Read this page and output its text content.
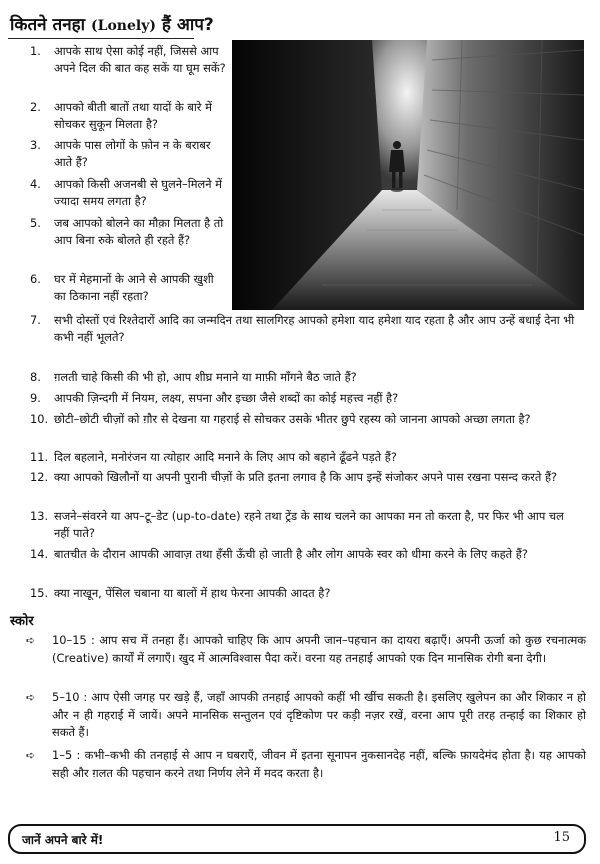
कितने तनहा (Lonely) हैं आप?
1. आपके साथ ऐसा कोई नहीं, जिससे आप अपने दिल की बात कह सकें या घूम सकें?
2. आपको बीती बातों तथा यादों के बारे में सोचकर सुकून मिलता है?
3. आपके पास लोगों के फ़ोन न के बराबर आते हैं?
4. आपको किसी अजनबी से घुलने–मिलने में ज्यादा समय लगता है?
5. जब आपको बोलने का मौक़ा मिलता है तो आप बिना रुके बोलते ही रहते हैं?
6. घर में मेहमानों के आने से आपकी खुशी का ठिकाना नहीं रहता?
7. सभी दोस्तों एवं रिश्तेदारों आदि का जन्मदिन तथा सालगिरह आपको हमेशा याद हमेशा याद रहता है और आप उन्हें बधाई देना भी कभी नहीं भूलते?
8. ग़लती चाहे किसी की भी हो, आप शीघ्र मनाने या माफ़ी माँगने बैठ जाते हैं?
9. आपकी ज़िन्दगी में नियम, लक्ष्य, सपना और इच्छा जैसे शब्दों का कोई महत्त्व नहीं है?
10. छोटी–छोटी चीज़ों को ग़ौर से देखना या गहराई से सोचकर उसके भीतर छुपे रहस्य को जानना आपको अच्छा लगता है?
11. दिल बहलाने, मनोरंजन या त्योहार आदि मनाने के लिए आप को बहाने ढूँढने पड़ते हैं?
12. क्या आपको खिलौनों या अपनी पुरानी चीज़ों के प्रति इतना लगाव है कि आप इन्हें संजोकर अपने पास रखना पसन्द करते हैं?
13. सजने–संवरने या अप–टू–डेट (up-to-date) रहने तथा ट्रेंड के साथ चलने का आपका मन तो करता है, पर फिर भी आप चल नहीं पाते?
14. बातचीत के दौरान आपकी आवाज़ तथा हँसी ऊँची हो जाती है और लोग आपके स्वर को धीमा करने के लिए कहते हैं?
15. क्या नाखून, पेंसिल चबाना या बालों में हाथ फेरना आपकी आदत है?
स्कोर
➪ 10–15 : आप सच में तनहा हैं। आपको चाहिए कि आप अपनी जान–पहचान का दायरा बढ़ाएँ। अपनी ऊर्जा को कुछ रचनात्मक (Creative) कार्यों में लगाएँ। खुद में आत्मविश्वास पैदा करें। वरना यह तनहाई आपको एक दिन मानसिक रोगी बना देगी।
➪ 5–10 : आप ऐसी जगह पर खड़े हैं, जहाँ आपकी तनहाई आपको कहीं भी खींच सकती है। इसलिए खुलेपन का और शिकार न हो और न ही गहराई में जायें। अपने मानसिक सन्तुलन एवं दृष्टिकोण पर कड़ी नज़र रखें, वरना आप पूरी तरह तन्हाई का शिकार हो सकते हैं।
➪ 1–5 : कभी–कभी की तनहाई से आप न घबराएँ, जीवन में इतना सूनापन नुकसानदेह नहीं, बल्कि फ़ायदेमंद होता है। यह आपको सही और ग़लत की पहचान करने तथा निर्णय लेने में मदद करता है।
जानें अपने बारे में!	15
